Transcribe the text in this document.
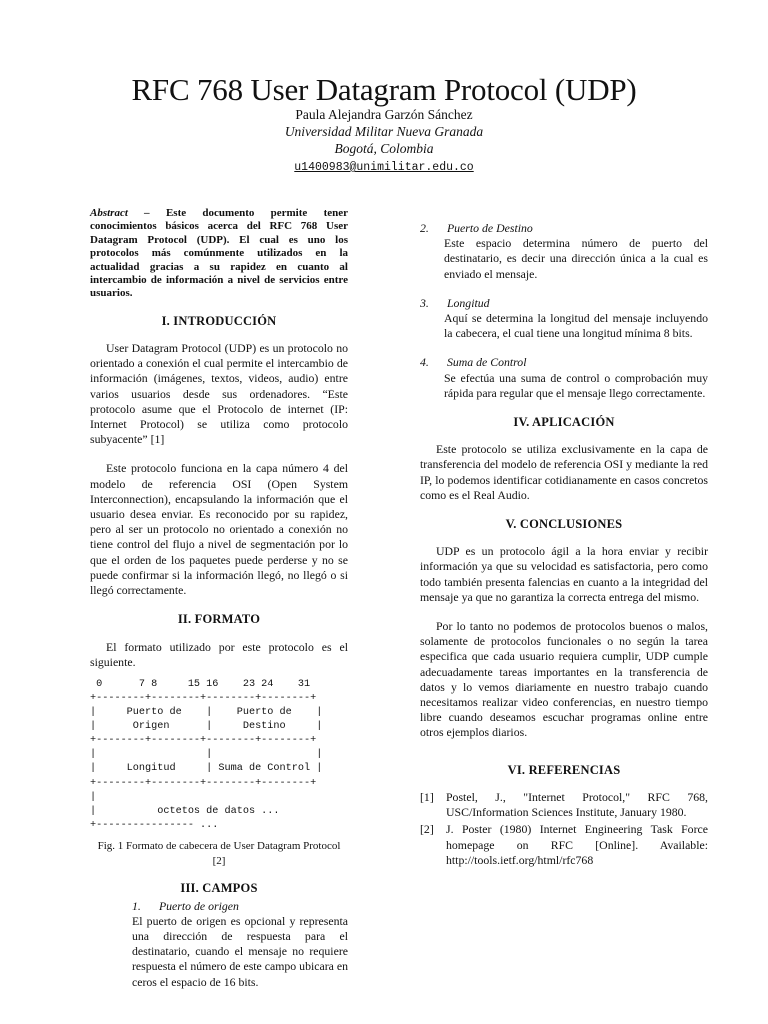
RFC 768 User Datagram Protocol (UDP)
Paula Alejandra Garzón Sánchez
Universidad Militar Nueva Granada
Bogotá, Colombia
u1400983@unimilitar.edu.co
Abstract – Este documento permite tener conocimientos básicos acerca del RFC 768 User Datagram Protocol (UDP). El cual es uno los protocolos más comúnmente utilizados en la actualidad gracias a su rapidez en cuanto al intercambio de información a nivel de servicios entre usuarios.
I. INTRODUCCIÓN

User Datagram Protocol (UDP) es un protocolo no orientado a conexión el cual permite el intercambio de información (imágenes, textos, videos, audio) entre varios usuarios desde sus ordenadores. “Este protocolo asume que el Protocolo de internet (IP: Internet Protocol) se utiliza como protocolo subyacente” [1]

Este protocolo funciona en la capa número 4 del modelo de referencia OSI (Open System Interconnection), encapsulando la información que el usuario desea enviar. Es reconocido por su rapidez, pero al ser un protocolo no orientado a conexión no tiene control del flujo a nivel de segmentación por lo que el orden de los paquetes puede perderse y no se puede confirmar si la información llegó, no llegó o si llegó correctamente.

II. FORMATO

El formato utilizado por este protocolo es el siguiente.

0      7 8     15 16    23 24    31
+--------+--------+--------+--------+
|     Puerto de    |    Puerto de    |
|      Origen      |     Destino     |
+--------+--------+--------+--------+
|                  |                 |
|     Longitud     | Suma de Control |
+--------+--------+--------+--------+
|
|          octetos de datos ...
+---------------- ...
Fig. 1 Formato de cabecera de User Datagram Protocol [2]
III. CAMPOS
1. Puerto de origen
El puerto de origen es opcional y representa una dirección de respuesta para el destinatario, cuando el mensaje no requiere respuesta el número de este campo ubicara en ceros el espacio de 16 bits.
2. Puerto de Destino
Este espacio determina número de puerto del destinatario, es decir una dirección única a la cual es enviado el mensaje.
3. Longitud
Aquí se determina la longitud del mensaje incluyendo la cabecera, el cual tiene una longitud mínima 8 bits.
4. Suma de Control
Se efectúa una suma de control o comprobación muy rápida para regular que el mensaje llego correctamente.
IV. APLICACIÓN

Este protocolo se utiliza exclusivamente en la capa de transferencia del modelo de referencia OSI y mediante la red IP, lo podemos identificar cotidianamente en casos concretos como es el Real Audio.

V. CONCLUSIONES

UDP es un protocolo ágil a la hora enviar y recibir información ya que su velocidad es satisfactoria, pero como todo también presenta falencias en cuanto a la integridad del mensaje ya que no garantiza la correcta entrega del mismo.

Por lo tanto no podemos de protocolos buenos o malos, solamente de protocolos funcionales o no según la tarea especifica que cada usuario requiera cumplir, UDP cumple adecuadamente tareas importantes en la transferencia de datos y lo vemos diariamente en nuestro trabajo cuando necesitamos realizar video conferencias, en nuestro tiempo libre cuando deseamos escuchar programas online entre otros ejemplos diarios.

VI. REFERENCIAS
[1]	Postel, J., "Internet Protocol," RFC 768, USC/Information Sciences Institute, January 1980.
[2]	J. Poster (1980) Internet Engineering Task Force homepage on RFC [Online]. Available: http://tools.ietf.org/html/rfc768
